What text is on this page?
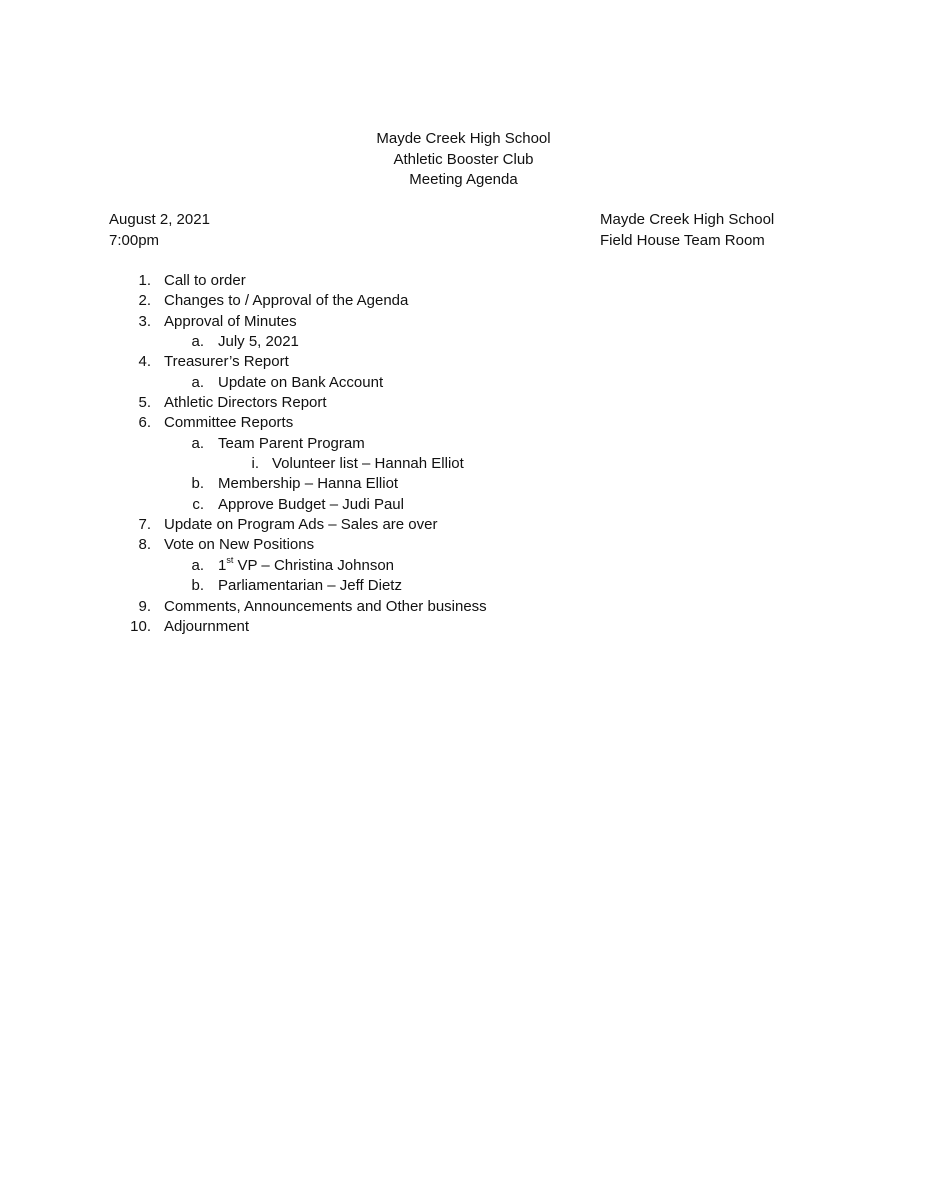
Mayde Creek High School
Athletic Booster Club
Meeting Agenda
August 2, 2021
7:00pm
Mayde Creek High School
Field House Team Room
1. Call to order
2. Changes to / Approval of the Agenda
3. Approval of Minutes
a. July 5, 2021
4. Treasurer’s Report
a. Update on Bank Account
5. Athletic Directors Report
6. Committee Reports
a. Team Parent Program
i. Volunteer list – Hannah Elliot
b. Membership – Hanna Elliot
c. Approve Budget – Judi Paul
7. Update on Program Ads – Sales are over
8. Vote on New Positions
a. 1st VP – Christina Johnson
b. Parliamentarian – Jeff Dietz
9. Comments, Announcements and Other business
10. Adjournment
